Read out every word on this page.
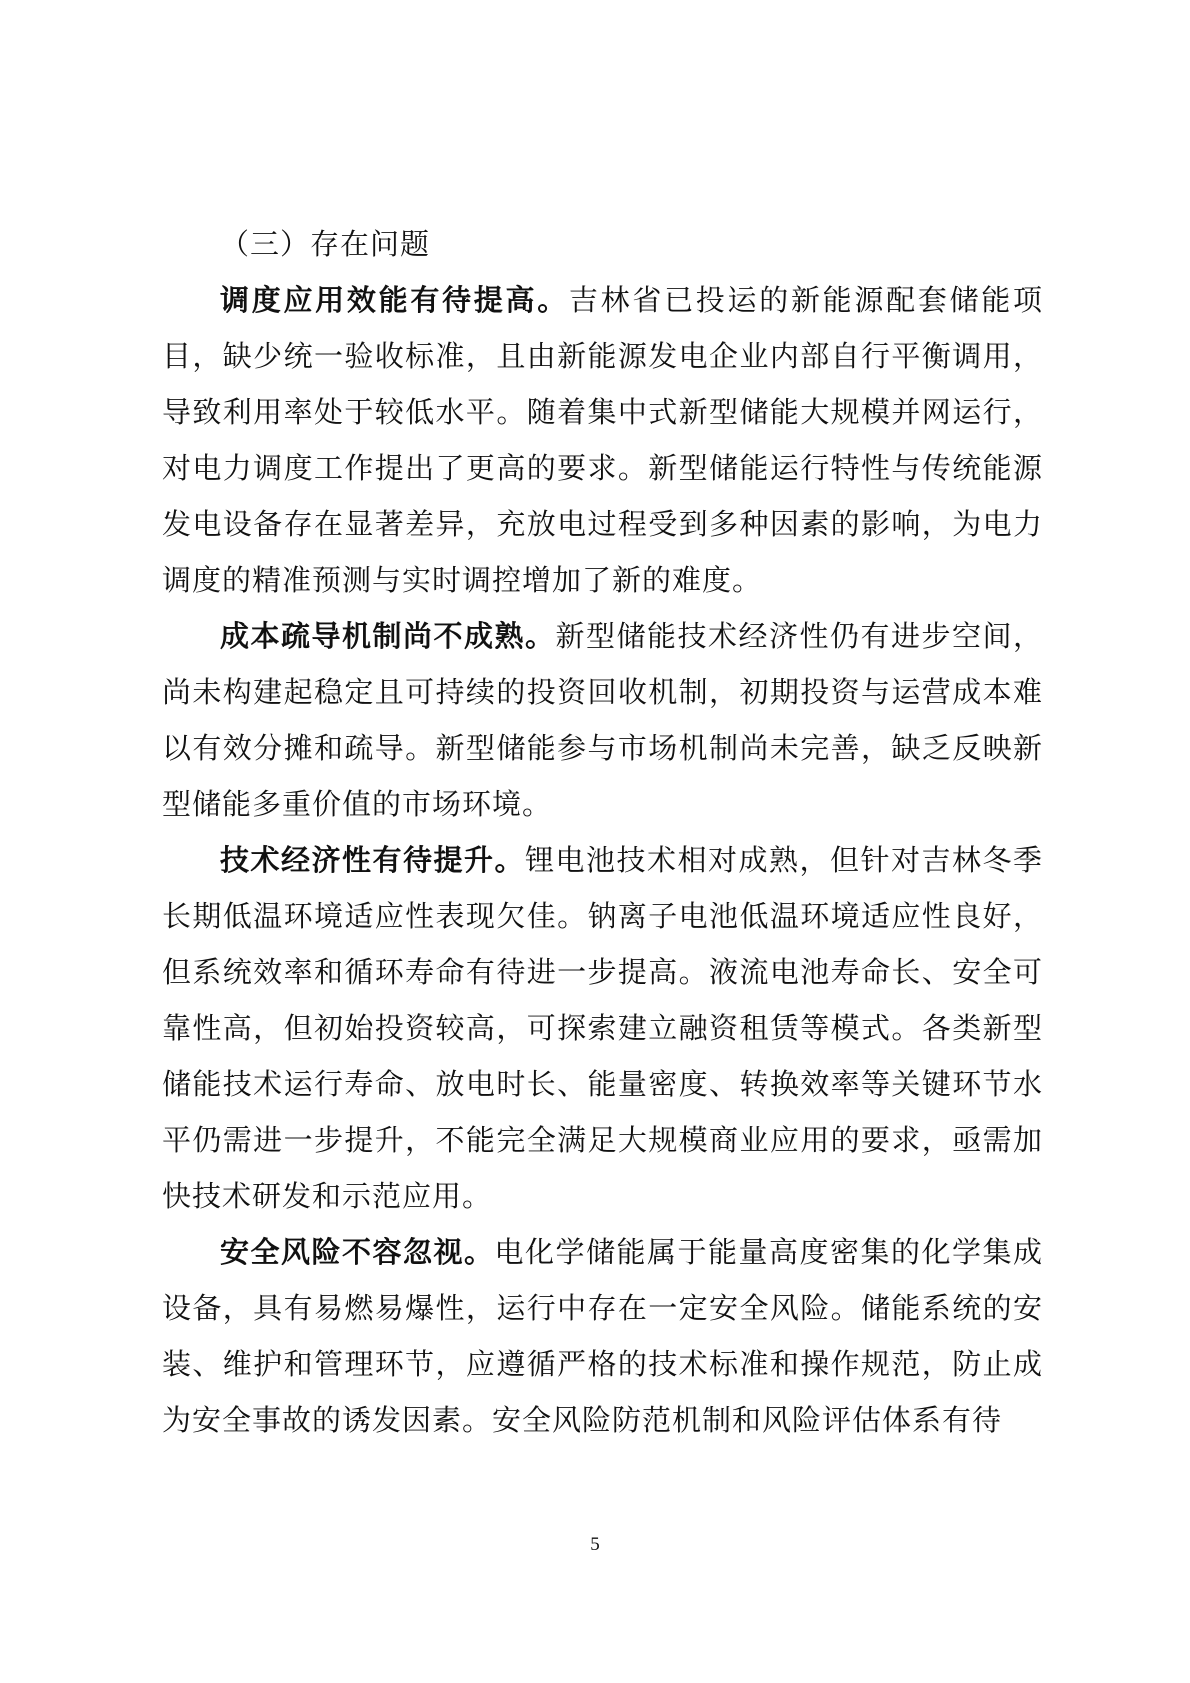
（三）存在问题

调度应用效能有待提高。吉林省已投运的新能源配套储能项目，缺少统一验收标准，且由新能源发电企业内部自行平衡调用，导致利用率处于较低水平。随着集中式新型储能大规模并网运行，对电力调度工作提出了更高的要求。新型储能运行特性与传统能源发电设备存在显著差异，充放电过程受到多种因素的影响，为电力调度的精准预测与实时调控增加了新的难度。

成本疏导机制尚不成熟。新型储能技术经济性仍有进步空间，尚未构建起稳定且可持续的投资回收机制，初期投资与运营成本难以有效分摊和疏导。新型储能参与市场机制尚未完善，缺乏反映新型储能多重价值的市场环境。

技术经济性有待提升。锂电池技术相对成熟，但针对吉林冬季长期低温环境适应性表现欠佳。钠离子电池低温环境适应性良好，但系统效率和循环寿命有待进一步提高。液流电池寿命长、安全可靠性高，但初始投资较高，可探索建立融资租赁等模式。各类新型储能技术运行寿命、放电时长、能量密度、转换效率等关键环节水平仍需进一步提升，不能完全满足大规模商业应用的要求，亟需加快技术研发和示范应用。

安全风险不容忽视。电化学储能属于能量高度密集的化学集成设备，具有易燃易爆性，运行中存在一定安全风险。储能系统的安装、维护和管理环节，应遵循严格的技术标准和操作规范，防止成为安全事故的诱发因素。安全风险防范机制和风险评估体系有待

5
